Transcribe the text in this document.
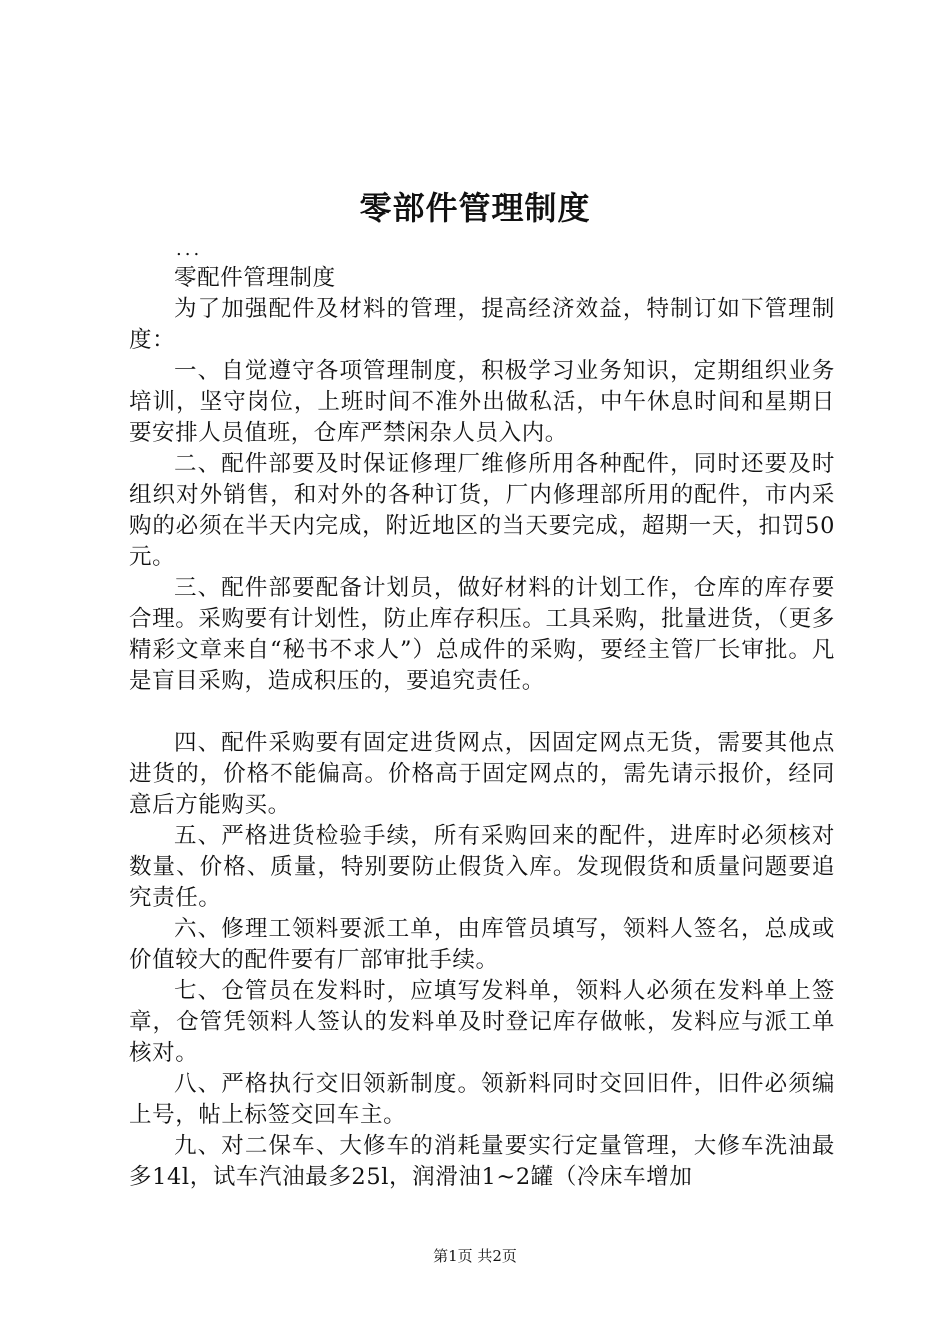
零部件管理制度
...

零配件管理制度

为了加强配件及材料的管理，提高经济效益，特制订如下管理制度：

一、自觉遵守各项管理制度，积极学习业务知识，定期组织业务培训，坚守岗位，上班时间不准外出做私活，中午休息时间和星期日要安排人员值班，仓库严禁闲杂人员入内。

二、配件部要及时保证修理厂维修所用各种配件，同时还要及时组织对外销售，和对外的各种订货，厂内修理部所用的配件，市内采购的必须在半天内完成，附近地区的当天要完成，超期一天，扣罚50元。

三、配件部要配备计划员，做好材料的计划工作，仓库的库存要合理。采购要有计划性，防止库存积压。工具采购，批量进货，（更多精彩文章来自“秘书不求人”）总成件的采购，要经主管厂长审批。凡是盲目采购，造成积压的，要追究责任。

四、配件采购要有固定进货网点，因固定网点无货，需要其他点进货的，价格不能偏高。价格高于固定网点的，需先请示报价，经同意后方能购买。

五、严格进货检验手续，所有采购回来的配件，进库时必须核对数量、价格、质量，特别要防止假货入库。发现假货和质量问题要追究责任。

六、修理工领料要派工单，由库管员填写，领料人签名，总成或价值较大的配件要有厂部审批手续。

七、仓管员在发料时，应填写发料单，领料人必须在发料单上签章，仓管凭领料人签认的发料单及时登记库存做帐，发料应与派工单核对。

八、严格执行交旧领新制度。领新料同时交回旧件，旧件必须编上号，帖上标签交回车主。

九、对二保车、大修车的消耗量要实行定量管理，大修车洗油最多14l，试车汽油最多25l，润滑油1~2罐（冷床车增加

第1页 共2页
